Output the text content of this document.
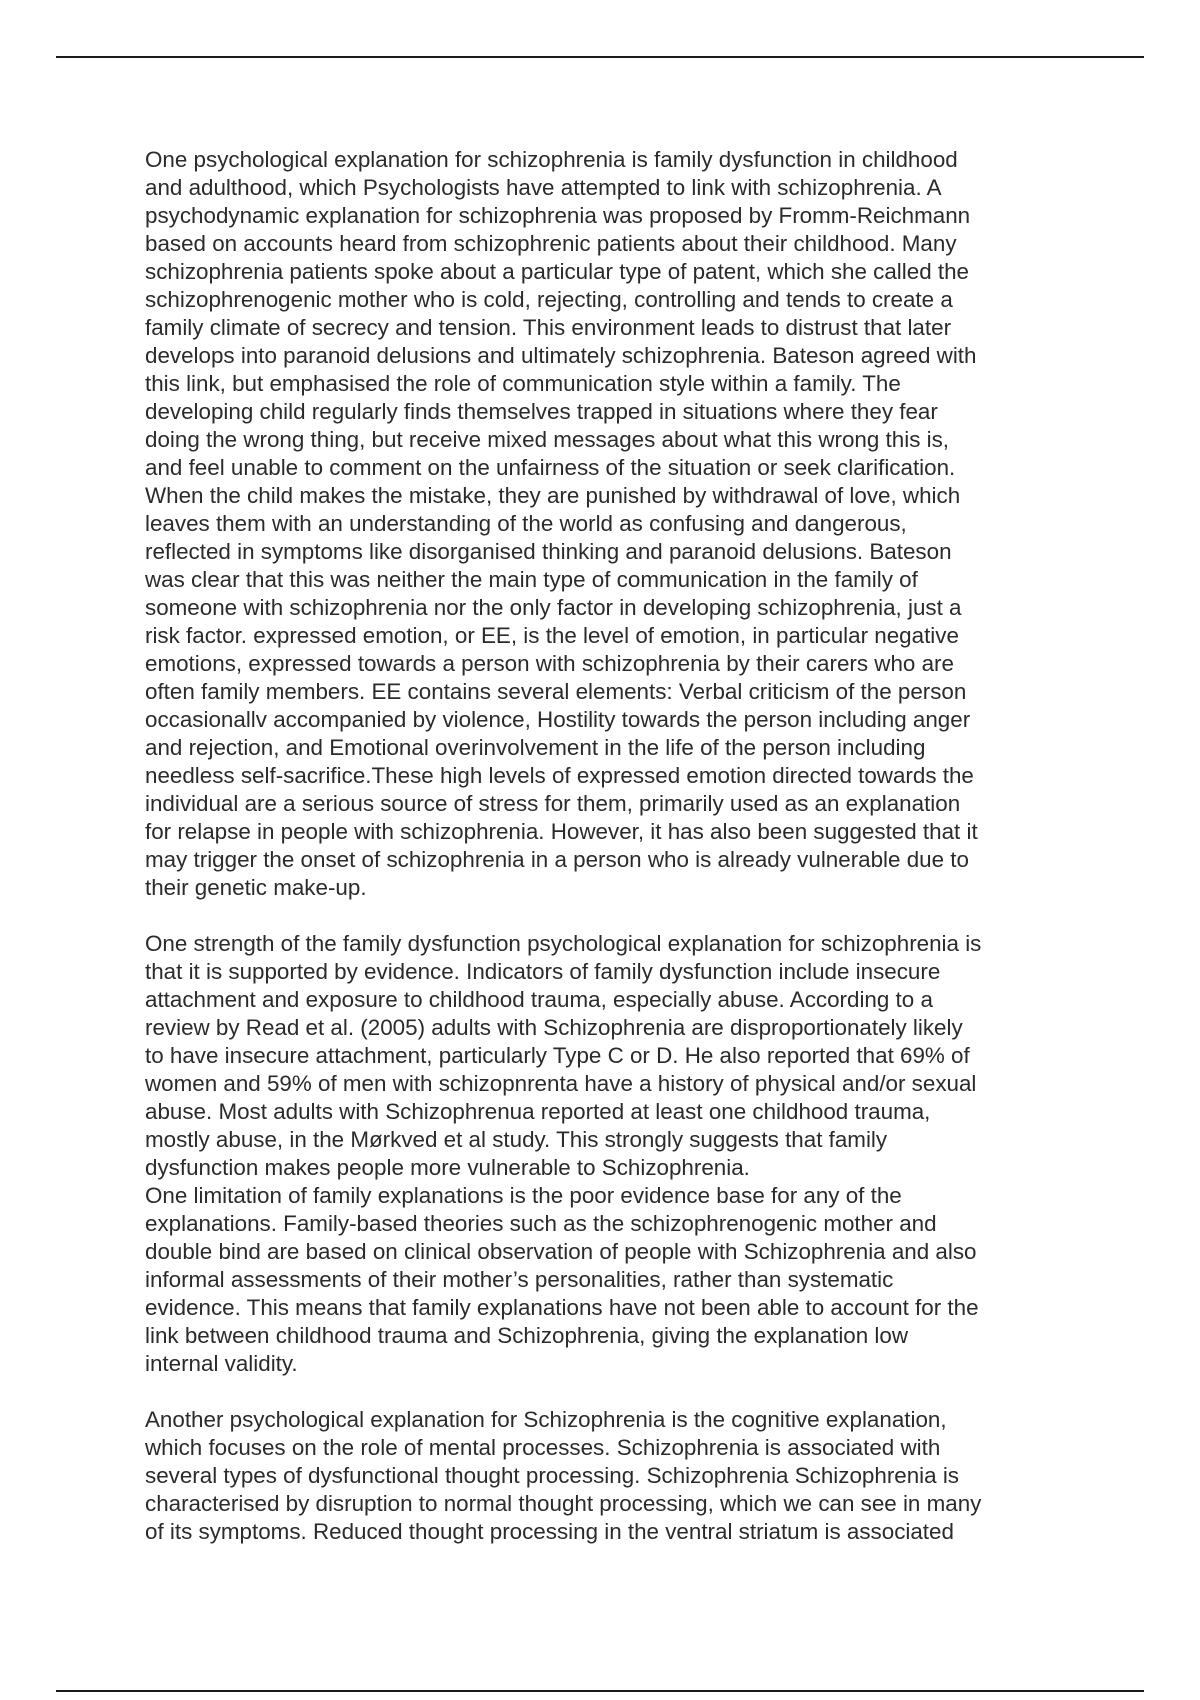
One psychological explanation for schizophrenia is family dysfunction in childhood
and adulthood, which Psychologists have attempted to link with schizophrenia. A
psychodynamic explanation for schizophrenia was proposed by Fromm-Reichmann
based on accounts heard from schizophrenic patients about their childhood. Many
schizophrenia patients spoke about a particular type of patent, which she called the
schizophrenogenic mother who is cold, rejecting, controlling and tends to create a
family climate of secrecy and tension. This environment leads to distrust that later
develops into paranoid delusions and ultimately schizophrenia. Bateson agreed with
this link, but emphasised the role of communication style within a family. The
developing child regularly finds themselves trapped in situations where they fear
doing the wrong thing, but receive mixed messages about what this wrong this is,
and feel unable to comment on the unfairness of the situation or seek clarification.
When the child makes the mistake, they are punished by withdrawal of love, which
leaves them with an understanding of the world as confusing and dangerous,
reflected in symptoms like disorganised thinking and paranoid delusions. Bateson
was clear that this was neither the main type of communication in the family of
someone with schizophrenia nor the only factor in developing schizophrenia, just a
risk factor. expressed emotion, or EE, is the level of emotion, in particular negative
emotions, expressed towards a person with schizophrenia by their carers who are
often family members. EE contains several elements: Verbal criticism of the person
occasionallv accompanied by violence, Hostility towards the person including anger
and rejection, and Emotional overinvolvement in the life of the person including
needless self-sacrifice.These high levels of expressed emotion directed towards the
individual are a serious source of stress for them, primarily used as an explanation
for relapse in people with schizophrenia. However, it has also been suggested that it
may trigger the onset of schizophrenia in a person who is already vulnerable due to
their genetic make-up.

One strength of the family dysfunction psychological explanation for schizophrenia is
that it is supported by evidence. Indicators of family dysfunction include insecure
attachment and exposure to childhood trauma, especially abuse. According to a
review by Read et al. (2005) adults with Schizophrenia are disproportionately likely
to have insecure attachment, particularly Type C or D. He also reported that 69% of
women and 59% of men with schizopnrenta have a history of physical and/or sexual
abuse. Most adults with Schizophrenua reported at least one childhood trauma,
mostly abuse, in the Mørkved et al study. This strongly suggests that family
dysfunction makes people more vulnerable to Schizophrenia.

One limitation of family explanations is the poor evidence base for any of the
explanations. Family-based theories such as the schizophrenogenic mother and
double bind are based on clinical observation of people with Schizophrenia and also
informal assessments of their mother’s personalities, rather than systematic
evidence. This means that family explanations have not been able to account for the
link between childhood trauma and Schizophrenia, giving the explanation low
internal validity.

Another psychological explanation for Schizophrenia is the cognitive explanation,
which focuses on the role of mental processes. Schizophrenia is associated with
several types of dysfunctional thought processing. Schizophrenia Schizophrenia is
characterised by disruption to normal thought processing, which we can see in many
of its symptoms. Reduced thought processing in the ventral striatum is associated
